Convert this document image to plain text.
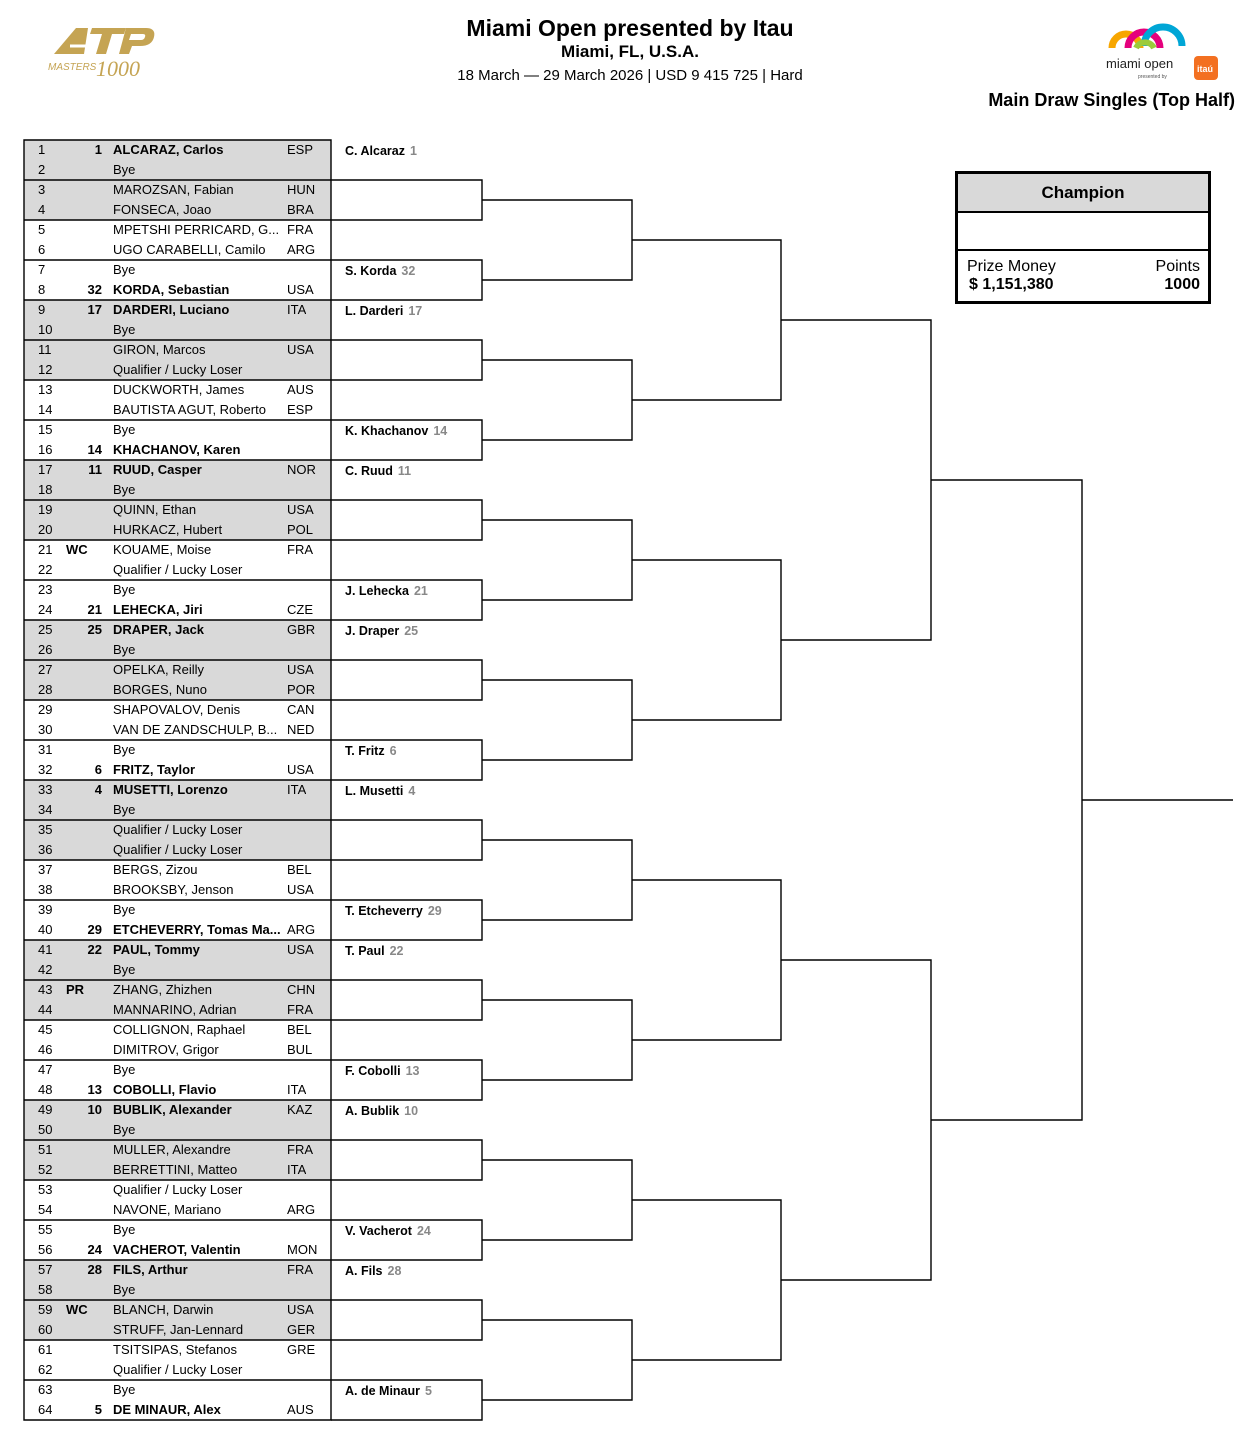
MASTERS 1000
Miami Open presented by Itau
Miami, FL, U.S.A.
18 March — 29 March 2026 | USD 9 415 725 | Hard
miami open
presented by
itaú
Main Draw Singles (Top Half)
1	1 ALCARAZ, Carlos	ESP
2	Bye
3	MAROZSAN, Fabian	HUN
4	FONSECA, Joao	BRA
5	MPETSHI PERRICARD, G... FRA
6	UGO CARABELLI, Camilo	ARG
7	Bye
8	32 KORDA, Sebastian	USA
9	17 DARDERI, Luciano	ITA
10	Bye
11	GIRON, Marcos	USA
12	Qualifier / Lucky Loser
13	DUCKWORTH, James	AUS
14	BAUTISTA AGUT, Roberto	ESP
15	Bye
16	14 KHACHANOV, Karen
17	11 RUUD, Casper	NOR
18	Bye
19	QUINN, Ethan	USA
20	HURKACZ, Hubert	POL
21 WC KOUAME, Moise	FRA
22	Qualifier / Lucky Loser
23	Bye
24	21 LEHECKA, Jiri	CZE
25	25 DRAPER, Jack	GBR
26	Bye
27	OPELKA, Reilly	USA
28	BORGES, Nuno	POR
29	SHAPOVALOV, Denis	CAN
30	VAN DE ZANDSCHULP, B... NED
31	Bye
32	6 FRITZ, Taylor	USA
33	4 MUSETTI, Lorenzo	ITA
34	Bye
35	Qualifier / Lucky Loser
36	Qualifier / Lucky Loser
37	BERGS, Zizou	BEL
38	BROOKSBY, Jenson	USA
39	Bye
40	29 ETCHEVERRY, Tomas Ma... ARG
41	22 PAUL, Tommy	USA
42	Bye
43 PR ZHANG, Zhizhen	CHN
44	MANNARINO, Adrian	FRA
45	COLLIGNON, Raphael	BEL
46	DIMITROV, Grigor	BUL
47	Bye
48	13 COBOLLI, Flavio	ITA
49	10 BUBLIK, Alexander	KAZ
50	Bye
51	MULLER, Alexandre	FRA
52	BERRETTINI, Matteo	ITA
53	Qualifier / Lucky Loser
54	NAVONE, Mariano	ARG
55	Bye
56	24 VACHEROT, Valentin	MON
57	28 FILS, Arthur	FRA
58	Bye
59 WC BLANCH, Darwin	USA
60	STRUFF, Jan-Lennard	GER
61	TSITSIPAS, Stefanos	GRE
62	Qualifier / Lucky Loser
63	Bye
64	5 DE MINAUR, Alex	AUS
C. Alcaraz 1
S. Korda 32
L. Darderi 17
K. Khachanov 14
C. Ruud 11
J. Lehecka 21
J. Draper 25
T. Fritz 6
L. Musetti 4
T. Etcheverry 29
T. Paul 22
F. Cobolli 13
A. Bublik 10
V. Vacherot 24
A. Fils 28
A. de Minaur 5
Champion
Prize Money
$ 1,151,380
Points
1000
